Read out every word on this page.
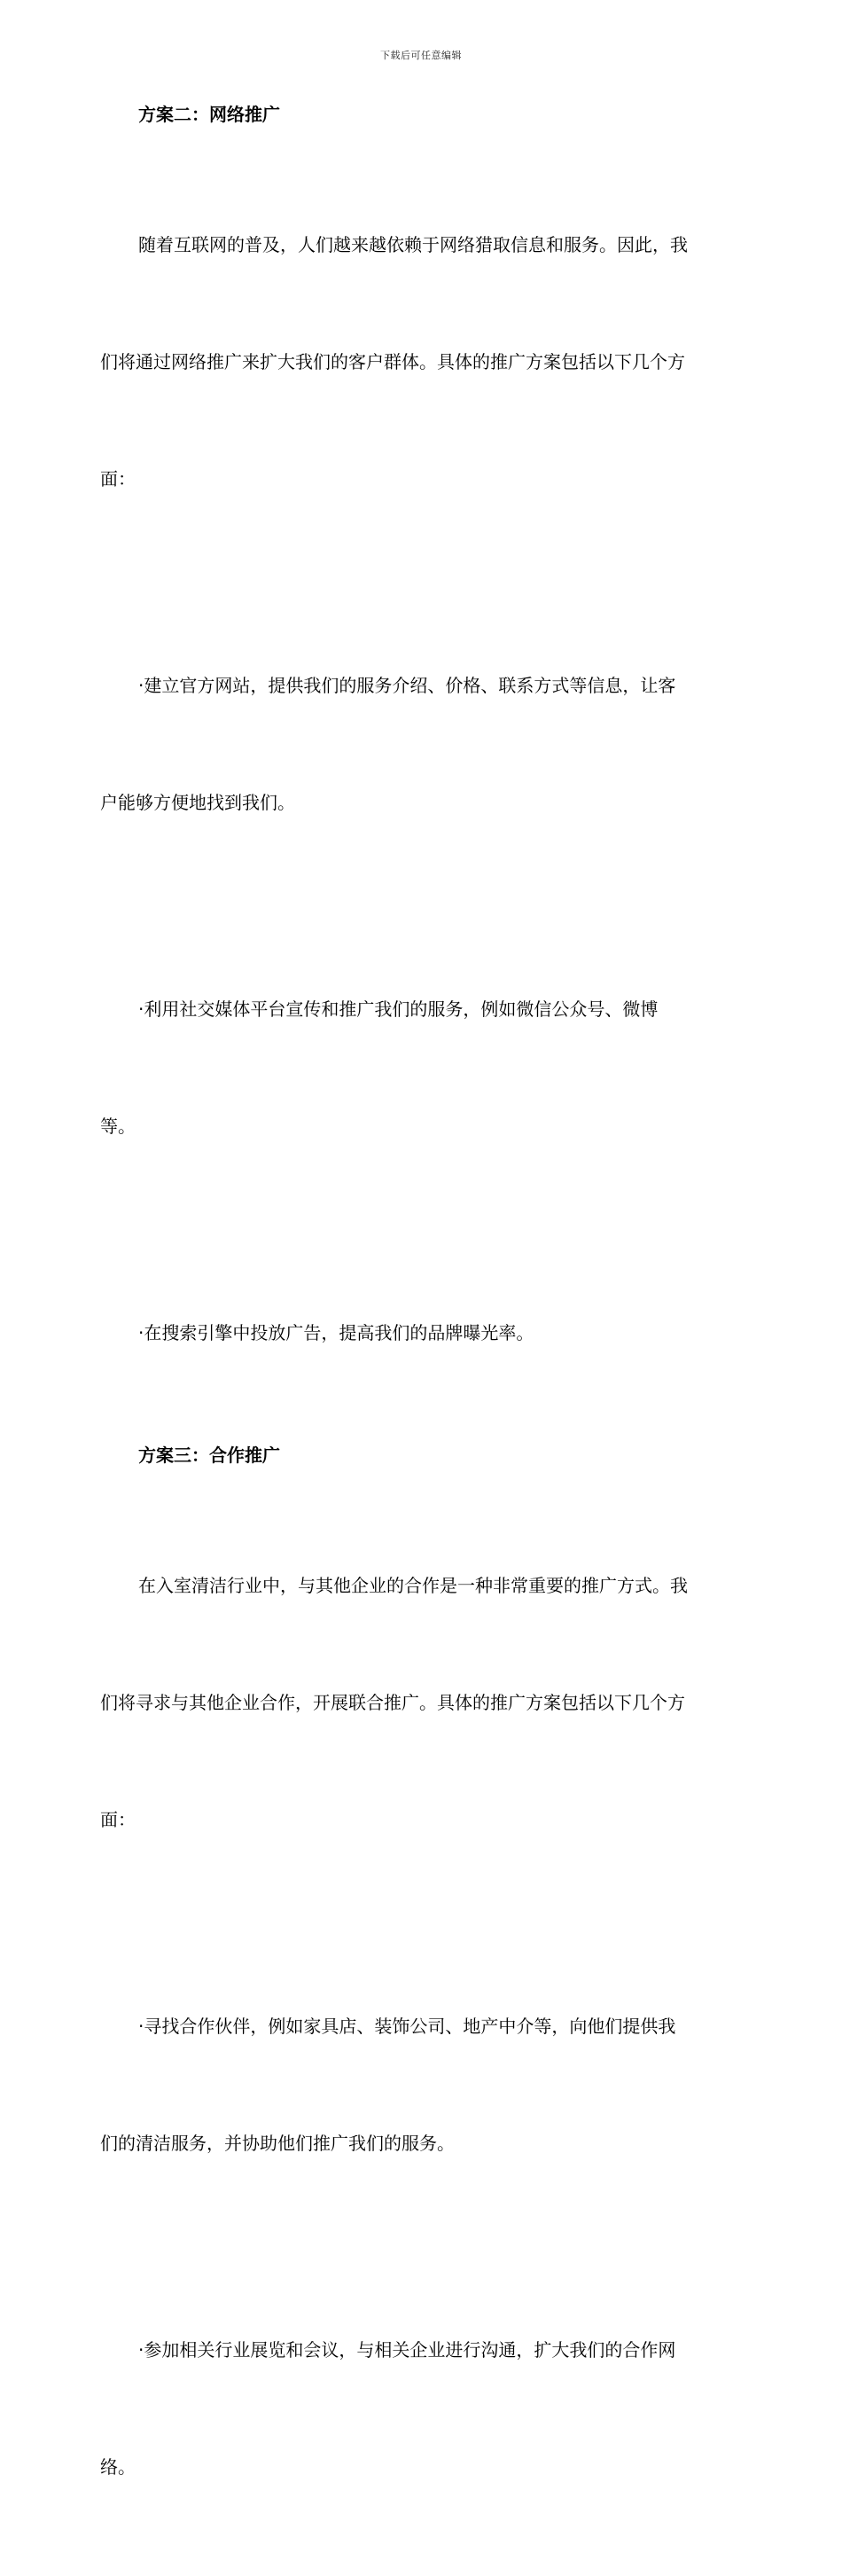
下载后可任意编辑
方案二：网络推广

随着互联网的普及，人们越来越依赖于网络猎取信息和服务。因此，我

们将通过网络推广来扩大我们的客户群体。具体的推广方案包括以下几个方

面：

·建立官方网站，提供我们的服务介绍、价格、联系方式等信息，让客

户能够方便地找到我们。

·利用社交媒体平台宣传和推广我们的服务，例如微信公众号、微博

等。

·在搜索引擎中投放广告，提高我们的品牌曝光率。

方案三：合作推广

在入室清洁行业中，与其他企业的合作是一种非常重要的推广方式。我

们将寻求与其他企业合作，开展联合推广。具体的推广方案包括以下几个方

面：

·寻找合作伙伴，例如家具店、装饰公司、地产中介等，向他们提供我

们的清洁服务，并协助他们推广我们的服务。

·参加相关行业展览和会议，与相关企业进行沟通，扩大我们的合作网

络。
